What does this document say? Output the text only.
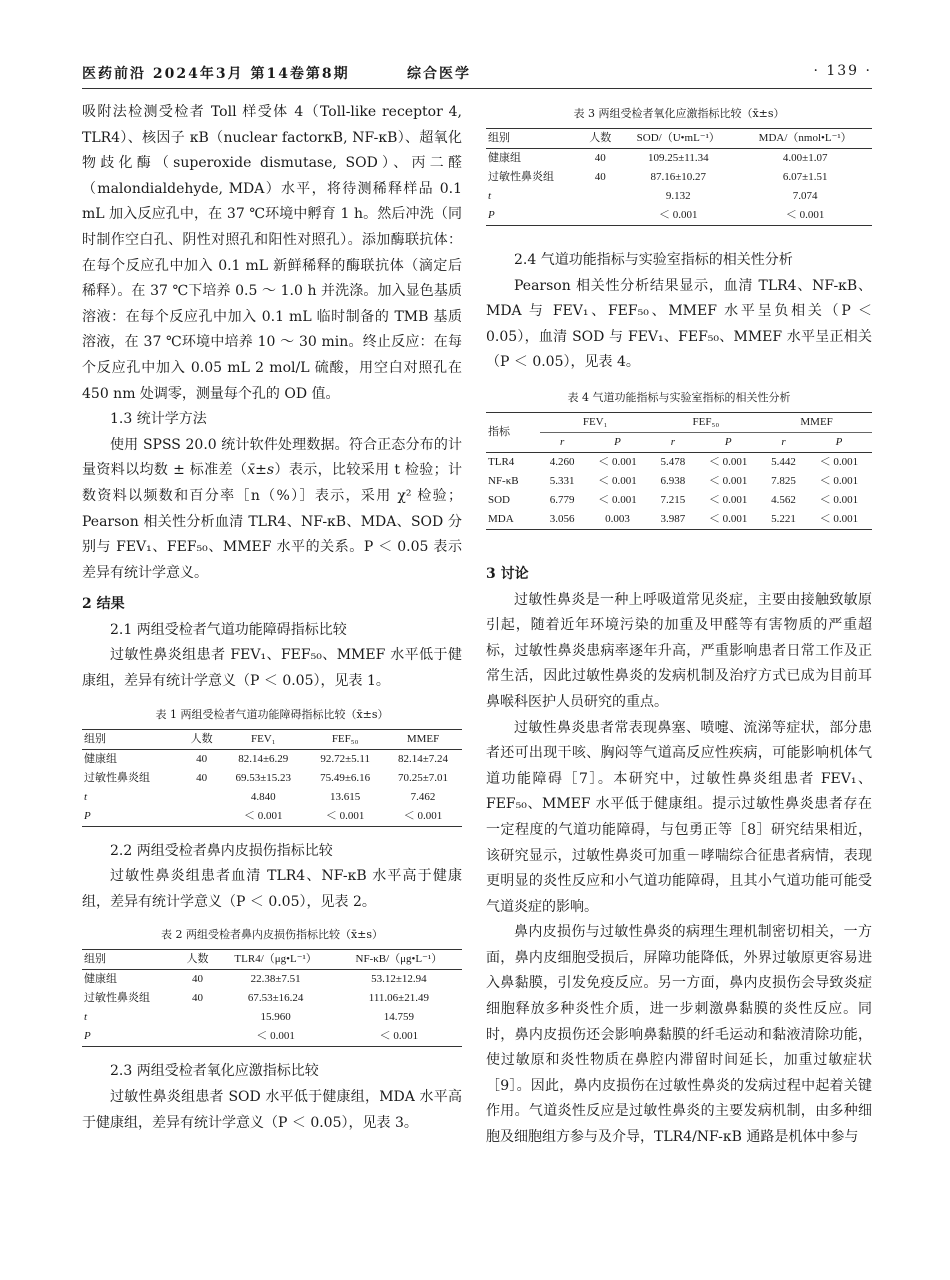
医药前沿 2024年3月 第14卷第8期	综合医学	· 139 ·

吸附法检测受检者 Toll 样受体 4（Toll-like receptor 4, TLR4）、核因子 κB（nuclear factorκB, NF-κB）、超氧化物歧化酶（superoxide dismutase, SOD）、丙二醛（malondialdehyde, MDA）水平，将待测稀释样品 0.1 mL 加入反应孔中，在 37 ℃环境中孵育 1 h。然后冲洗（同时制作空白孔、阴性对照孔和阳性对照孔）。添加酶联抗体：在每个反应孔中加入 0.1 mL 新鲜稀释的酶联抗体（滴定后稀释）。在 37 ℃下培养 0.5 ～ 1.0 h 并洗涤。加入显色基质溶液：在每个反应孔中加入 0.1 mL 临时制备的 TMB 基质溶液，在 37 ℃环境中培养 10 ～ 30 min。终止反应：在每个反应孔中加入 0.05 mL 2 mol/L 硫酸，用空白对照孔在 450 nm 处调零，测量每个孔的 OD 值。

1.3 统计学方法

使用 SPSS 20.0 统计软件处理数据。符合正态分布的计量资料以均数 ± 标准差（x̄±s）表示，比较采用 t 检验；计数资料以频数和百分率［n（%）］表示，采用 χ² 检验；Pearson 相关性分析血清 TLR4、NF-κB、MDA、SOD 分别与 FEV₁、FEF₅₀、MMEF 水平的关系。P ＜ 0.05 表示差异有统计学意义。

2 结果

2.1 两组受检者气道功能障碍指标比较

过敏性鼻炎组患者 FEV₁、FEF₅₀、MMEF 水平低于健康组，差异有统计学意义（P ＜ 0.05），见表 1。

表 1 两组受检者气道功能障碍指标比较（x̄±s）
组别	人数	FEV₁	FEF₅₀	MMEF
健康组	40	82.14±6.29	92.72±5.11	82.14±7.24
过敏性鼻炎组	40	69.53±15.23	75.49±6.16	70.25±7.01
t		4.840	13.615	7.462
P		＜ 0.001	＜ 0.001	＜ 0.001

2.2 两组受检者鼻内皮损伤指标比较

过敏性鼻炎组患者血清 TLR4、NF-κB 水平高于健康组，差异有统计学意义（P ＜ 0.05），见表 2。

表 2 两组受检者鼻内皮损伤指标比较（x̄±s）
组别	人数	TLR4/（μg•L⁻¹）	NF-κB/（μg•L⁻¹）
健康组	40	22.38±7.51	53.12±12.94
过敏性鼻炎组	40	67.53±16.24	111.06±21.49
t		15.960	14.759
P		＜ 0.001	＜ 0.001

2.3 两组受检者氧化应激指标比较

过敏性鼻炎组患者 SOD 水平低于健康组，MDA 水平高于健康组，差异有统计学意义（P ＜ 0.05），见表 3。

表 3 两组受检者氧化应激指标比较（x̄±s）
组别	人数	SOD/（U•mL⁻¹）	MDA/（nmol•L⁻¹）
健康组	40	109.25±11.34	4.00±1.07
过敏性鼻炎组	40	87.16±10.27	6.07±1.51
t		9.132	7.074
P		＜ 0.001	＜ 0.001

2.4 气道功能指标与实验室指标的相关性分析

Pearson 相关性分析结果显示，血清 TLR4、NF-κB、MDA 与 FEV₁、FEF₅₀、MMEF 水平呈负相关（P ＜ 0.05），血清 SOD 与 FEV₁、FEF₅₀、MMEF 水平呈正相关（P ＜ 0.05），见表 4。

表 4 气道功能指标与实验室指标的相关性分析
指标	FEV₁		FEF₅₀		MMEF	
	r	P	r	P	r	P
TLR4	4.260	＜ 0.001	5.478	＜ 0.001	5.442	＜ 0.001
NF-κB	5.331	＜ 0.001	6.938	＜ 0.001	7.825	＜ 0.001
SOD	6.779	＜ 0.001	7.215	＜ 0.001	4.562	＜ 0.001
MDA	3.056	0.003	3.987	＜ 0.001	5.221	＜ 0.001

3 讨论

过敏性鼻炎是一种上呼吸道常见炎症，主要由接触致敏原引起，随着近年环境污染的加重及甲醛等有害物质的严重超标，过敏性鼻炎患病率逐年升高，严重影响患者日常工作及正常生活，因此过敏性鼻炎的发病机制及治疗方式已成为目前耳鼻喉科医护人员研究的重点。

过敏性鼻炎患者常表现鼻塞、喷嚏、流涕等症状，部分患者还可出现干咳、胸闷等气道高反应性疾病，可能影响机体气道功能障碍［7］。本研究中，过敏性鼻炎组患者 FEV₁、FEF₅₀、MMEF 水平低于健康组。提示过敏性鼻炎患者存在一定程度的气道功能障碍，与包勇正等［8］研究结果相近，该研究显示，过敏性鼻炎可加重－哮喘综合征患者病情，表现更明显的炎性反应和小气道功能障碍，且其小气道功能可能受气道炎症的影响。

鼻内皮损伤与过敏性鼻炎的病理生理机制密切相关，一方面，鼻内皮细胞受损后，屏障功能降低，外界过敏原更容易进入鼻黏膜，引发免疫反应。另一方面，鼻内皮损伤会导致炎症细胞释放多种炎性介质，进一步刺激鼻黏膜的炎性反应。同时，鼻内皮损伤还会影响鼻黏膜的纤毛运动和黏液清除功能，使过敏原和炎性物质在鼻腔内滞留时间延长，加重过敏症状［9］。因此，鼻内皮损伤在过敏性鼻炎的发病过程中起着关键作用。气道炎性反应是过敏性鼻炎的主要发病机制，由多种细胞及细胞组方参与及介导，TLR4/NF-κB 通路是机体中参与
